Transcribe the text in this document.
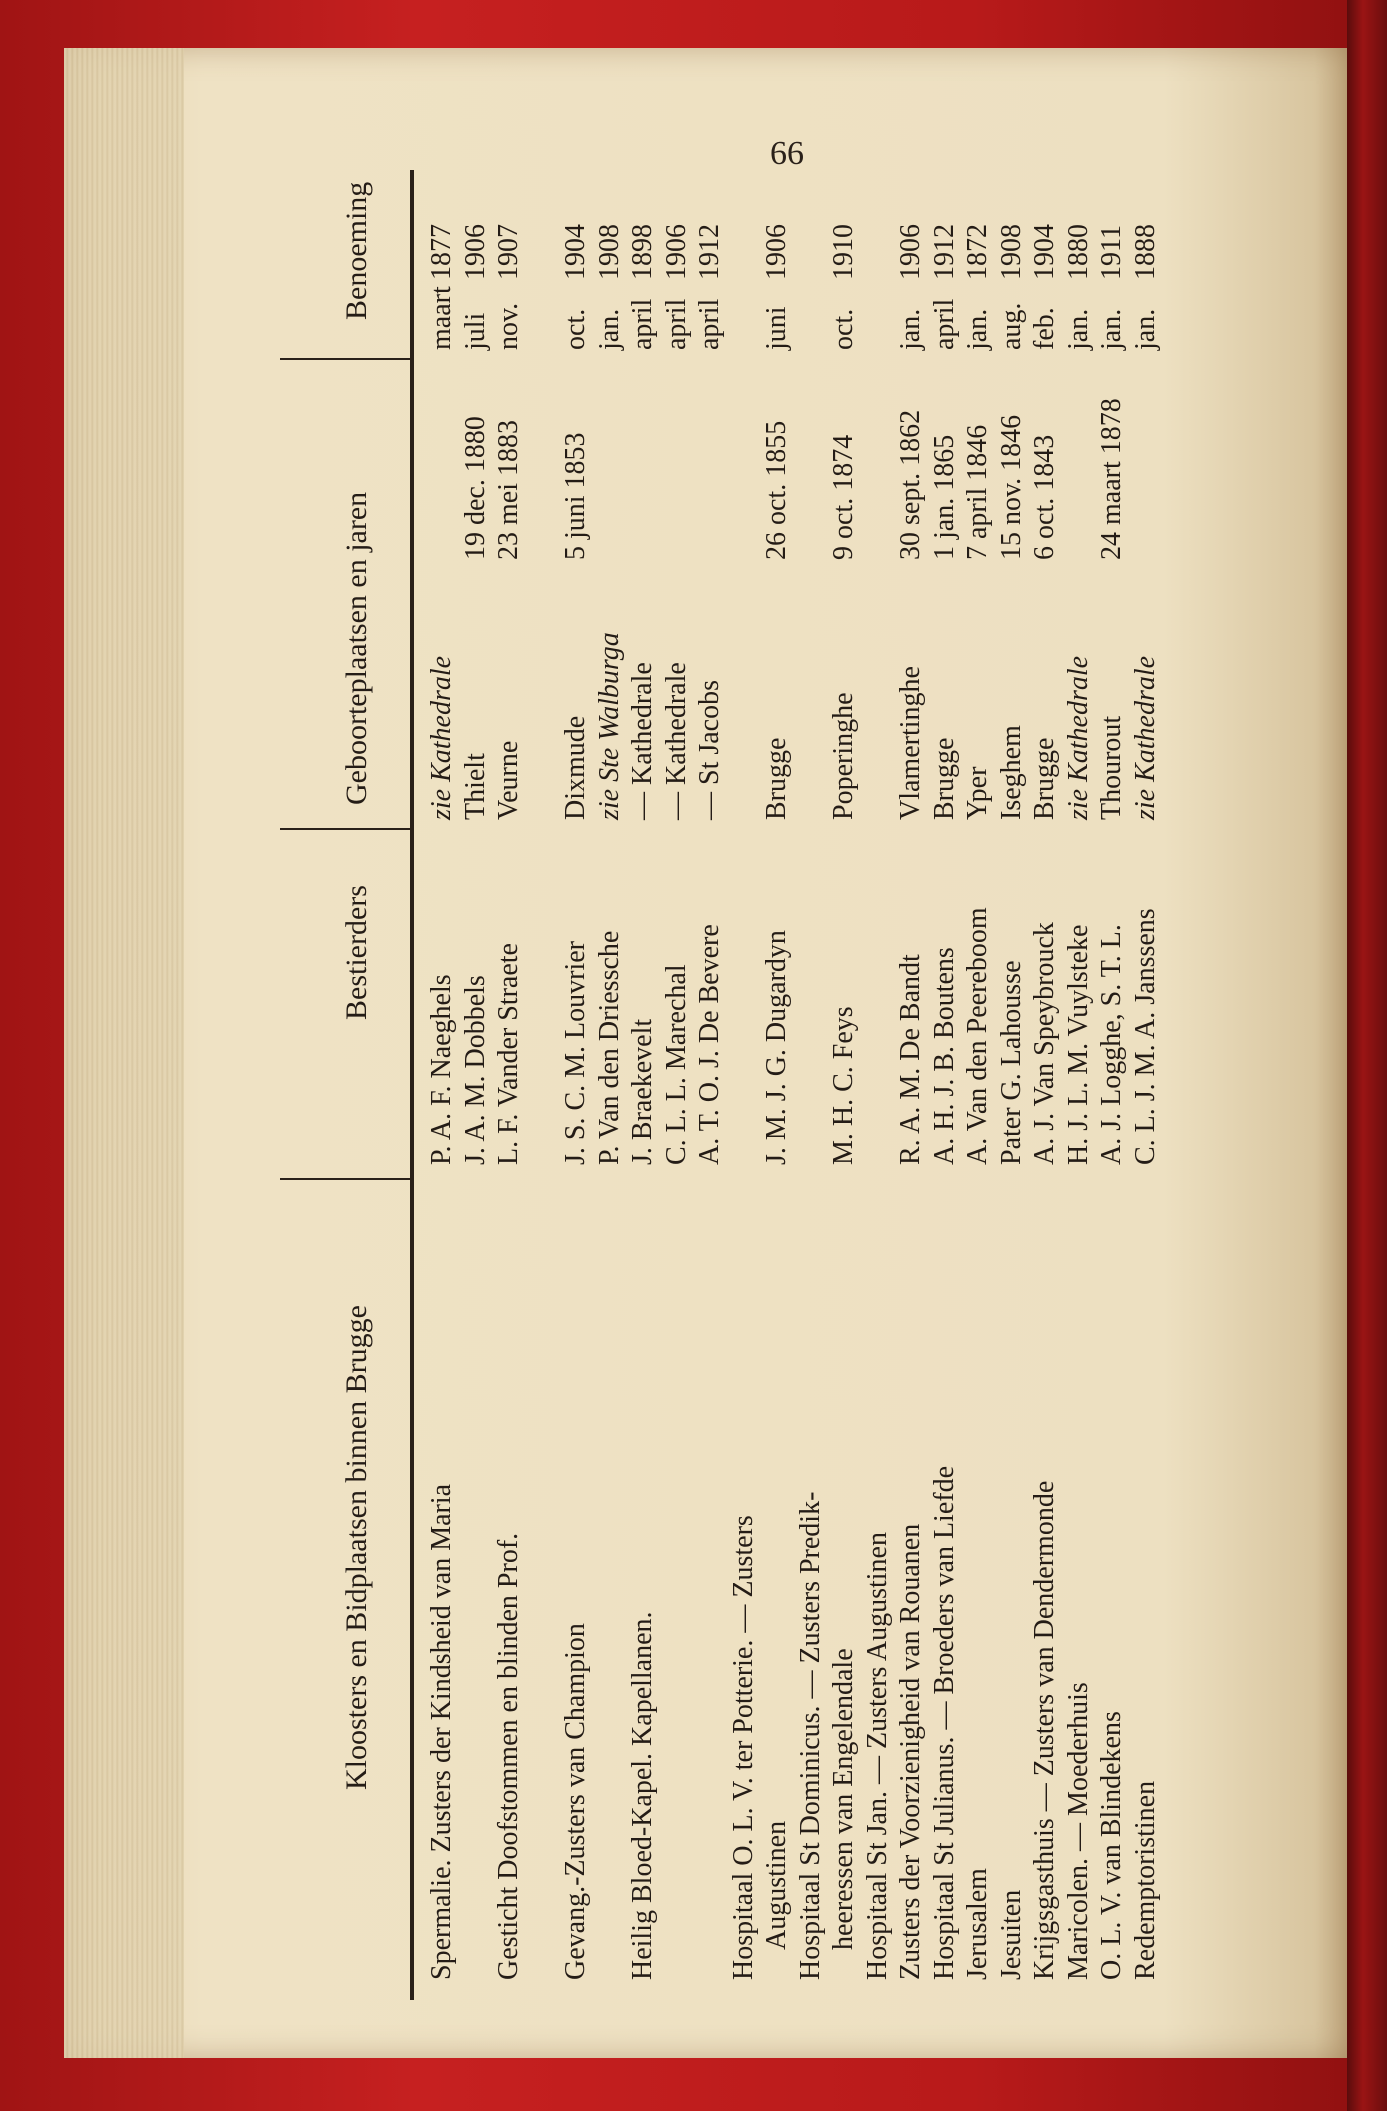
66
Kloosters en Bidplaatsen binnen Brugge
Bestierders
Geboorteplaatsen en jaren
Benoeming
Spermalie. Zusters der Kindsheid van Maria
P. A. F. Naeghels
zie Kathedrale
maart
1877
J. A. M. Dobbels
Thielt
19 dec. 1880
juli
1906
Gesticht Doofstommen en blinden Prof.
L. F. Vander Straete
Veurne
23 mei 1883
nov.
1907
Gevang.-Zusters van Champion
J. S. C. M. Louvrier
Dixmude
5 juni 1853
oct.
1904
P. Van den Driessche
zie Ste Walburga
jan.
1908
Heilig Bloed-Kapel. Kapellanen.
J. Braekevelt
— Kathedrale
april
1898
C. L. L. Marechal
— Kathedrale
april
1906
A. T. O. J. De Bevere
— St Jacobs
april
1912
Hospitaal O. L. V. ter Potterie. — Zusters Augustinen
J. M. J. G. Dugardyn
Brugge
26 oct. 1855
juni
1906
Hospitaal St Dominicus. — Zusters Predik- heeressen van Engelendale
M. H. C. Feys
Poperinghe
9 oct. 1874
oct.
1910
Hospitaal St Jan. — Zusters Augustinen Zusters der Voorzienigheid van Rouanen
R. A. M. De Bandt
Vlamertinghe
30 sept. 1862
jan.
1906
Hospitaal St Julianus. — Broeders van Liefde
A. H. J. B. Boutens
Brugge
1 jan. 1865
april
1912
Jerusalem
A. Van den Peereboom
Yper
7 april 1846
jan.
1872
Jesuiten
Pater G. Lahousse
Iseghem
15 nov. 1846
aug.
1908
Krijgsgasthuis — Zusters van Dendermonde
A. J. Van Speybrouck
Brugge
6 oct. 1843
feb.
1904
Maricolen. — Moederhuis
H. J. L. M. Vuylsteke
zie Kathedrale
jan.
1880
O. L. V. van Blindekens
A. J. Logghe, S. T. L.
Thourout
24 maart 1878
jan.
1911
Redemptoristinen
C. L. J. M. A. Janssens
zie Kathedrale
jan.
1888
